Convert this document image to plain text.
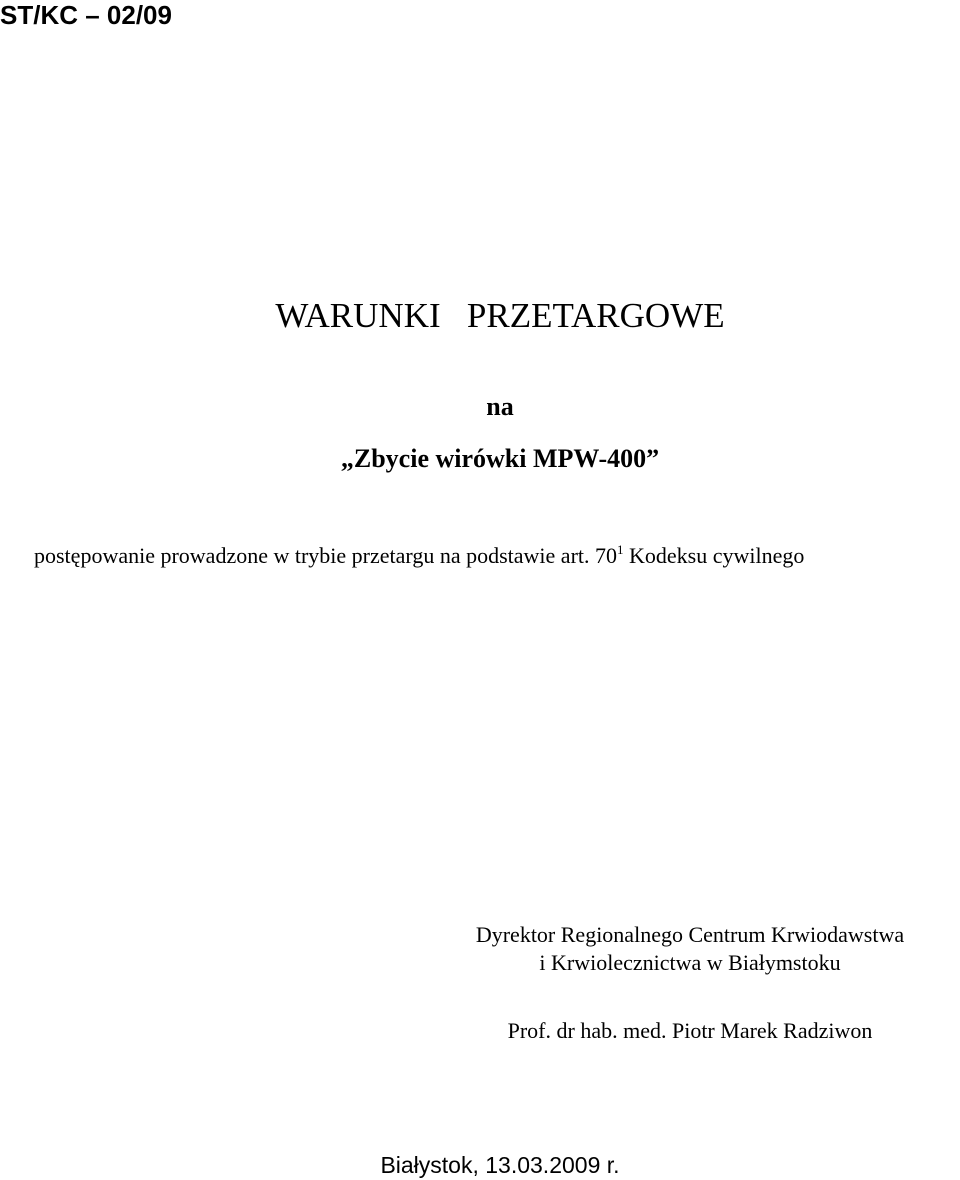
ST/KC – 02/09
WARUNKI   PRZETARGOWE
na
„Zbycie wirówki MPW-400”
postępowanie prowadzone w trybie przetargu na podstawie art. $70^1$ Kodeksu cywilnego
Dyrektor Regionalnego Centrum Krwiodawstwa
i Krwiolecznictwa w Białymstoku
Prof. dr hab. med. Piotr Marek Radziwon
Białystok, 13.03.2009 r.
